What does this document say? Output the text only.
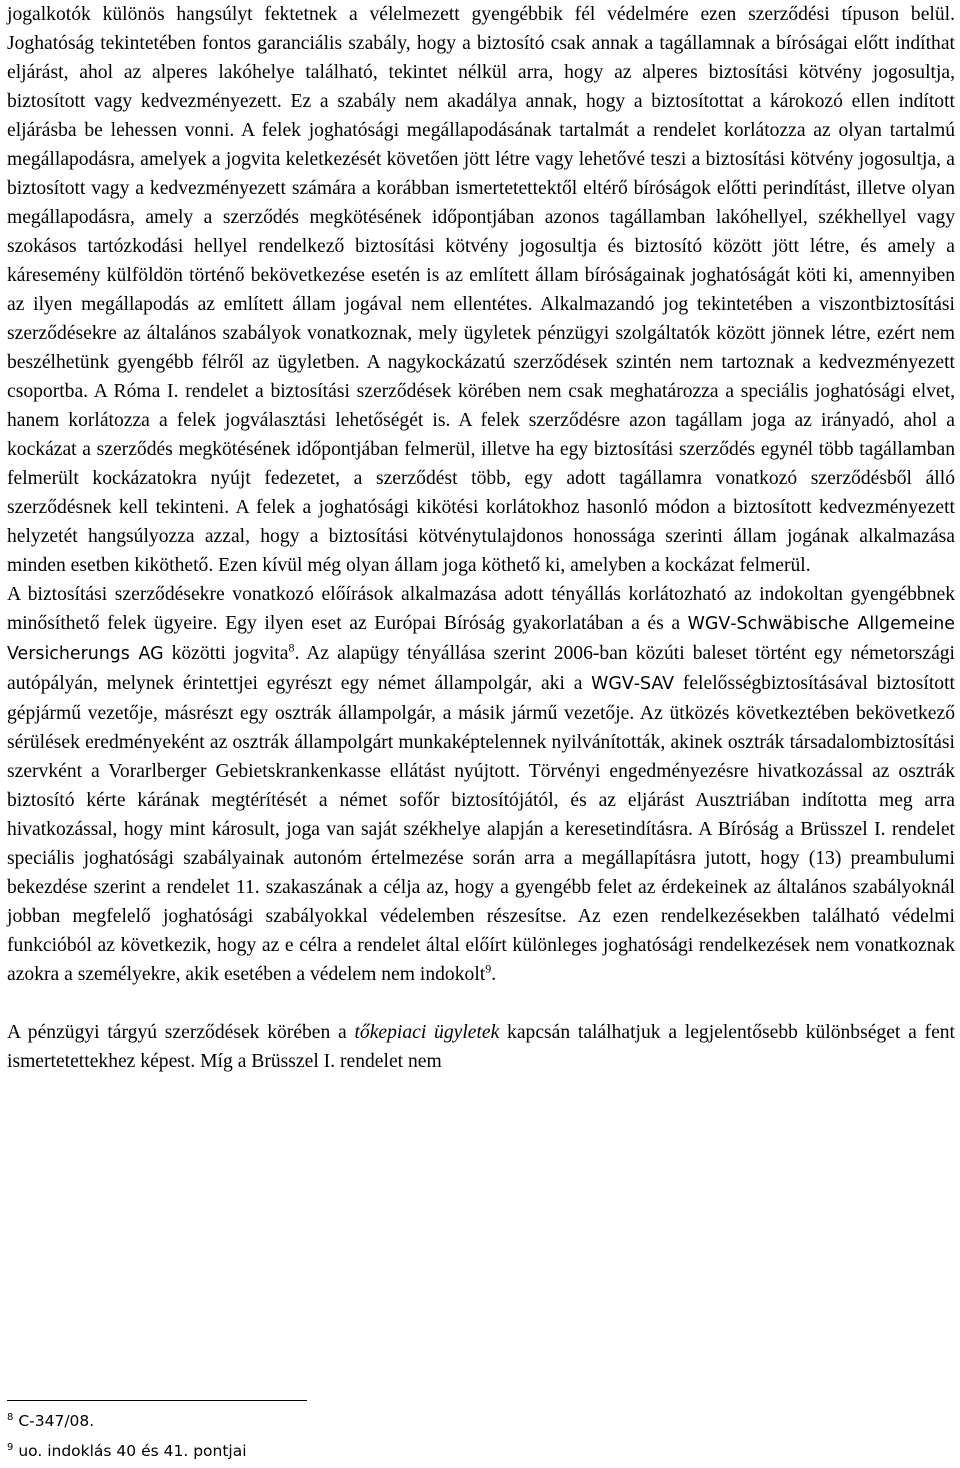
jogalkotók különös hangsúlyt fektetnek a vélelmezett gyengébbik fél védelmére ezen szerződési típuson belül. Joghatóság tekintetében fontos garanciális szabály, hogy a biztosító csak annak a tagállamnak a bíróságai előtt indíthat eljárást, ahol az alperes lakóhelye található, tekintet nélkül arra, hogy az alperes biztosítási kötvény jogosultja, biztosított vagy kedvezményezett. Ez a szabály nem akadálya annak, hogy a biztosítottat a károkozó ellen indított eljárásba be lehessen vonni. A felek joghatósági megállapodásának tartalmát a rendelet korlátozza az olyan tartalmú megállapodásra, amelyek a jogvita keletkezését követően jött létre vagy lehetővé teszi a biztosítási kötvény jogosultja, a biztosított vagy a kedvezményezett számára a korábban ismertetettektől eltérő bíróságok előtti perindítást, illetve olyan megállapodásra, amely a szerződés megkötésének időpontjában azonos tagállamban lakóhellyel, székhellyel vagy szokásos tartózkodási hellyel rendelkező biztosítási kötvény jogosultja és biztosító között jött létre, és amely a káresemény külföldön történő bekövetkezése esetén is az említett állam bíróságainak joghatóságát köti ki, amennyiben az ilyen megállapodás az említett állam jogával nem ellentétes. Alkalmazandó jog tekintetében a viszontbiztosítási szerződésekre az általános szabályok vonatkoznak, mely ügyletek pénzügyi szolgáltatók között jönnek létre, ezért nem beszélhetünk gyengébb félről az ügyletben. A nagykockázatú szerződések szintén nem tartoznak a kedvezményezett csoportba. A Róma I. rendelet a biztosítási szerződések körében nem csak meghatározza a speciális joghatósági elvet, hanem korlátozza a felek jogválasztási lehetőségét is. A felek szerződésre azon tagállam joga az irányadó, ahol a kockázat a szerződés megkötésének időpontjában felmerül, illetve ha egy biztosítási szerződés egynél több tagállamban felmerült kockázatokra nyújt fedezetet, a szerződést több, egy adott tagállamra vonatkozó szerződésből álló szerződésnek kell tekinteni. A felek a joghatósági kikötési korlátokhoz hasonló módon a biztosított kedvezményezett helyzetét hangsúlyozza azzal, hogy a biztosítási kötvénytulajdonos honossága szerinti állam jogának alkalmazása minden esetben kiköthető. Ezen kívül még olyan állam joga köthető ki, amelyben a kockázat felmerül.

A biztosítási szerződésekre vonatkozó előírások alkalmazása adott tényállás korlátozható az indokoltan gyengébbnek minősíthető felek ügyeire. Egy ilyen eset az Európai Bíróság gyakorlatában a és a WGV‑Schwäbische Allgemeine Versicherungs AG közötti jogvita$^8$. Az alapügy tényállása szerint 2006-ban közúti baleset történt egy németországi autópályán, melynek érintettjei egyrészt egy német állampolgár, aki a WGV‑SAV felelősségbiztosításával biztosított gépjármű vezetője, másrészt egy osztrák állampolgár, a másik jármű vezetője. Az ütközés következtében bekövetkező sérülések eredményeként az osztrák állampolgárt munkaképtelennek nyilvánították, akinek osztrák társadalombiztosítási szervként a Vorarlberger Gebietskrankenkasse ellátást nyújtott. Törvényi engedményezésre hivatkozással az osztrák biztosító kérte kárának megtérítését a német sofőr biztosítójától, és az eljárást Ausztriában indította meg arra hivatkozással, hogy mint károsult, joga van saját székhelye alapján a keresetindításra. A Bíróság a Brüsszel I. rendelet speciális joghatósági szabályainak autonóm értelmezése során arra a megállapításra jutott, hogy (13) preambulumi bekezdése szerint a rendelet 11. szakaszának a célja az, hogy a gyengébb felet az érdekeinek az általános szabályoknál jobban megfelelő joghatósági szabályokkal védelemben részesítse. Az ezen rendelkezésekben található védelmi funkcióból az következik, hogy az e célra a rendelet által előírt különleges joghatósági rendelkezések nem vonatkoznak azokra a személyekre, akik esetében a védelem nem indokolt$^9$.

A pénzügyi tárgyú szerződések körében a tőkepiaci ügyletek kapcsán találhatjuk a legjelentősebb különbséget a fent ismertetettekhez képest. Míg a Brüsszel I. rendelet nem

$^8$ C‑347/08.

$^9$ uo. indoklás 40 és 41. pontjai
